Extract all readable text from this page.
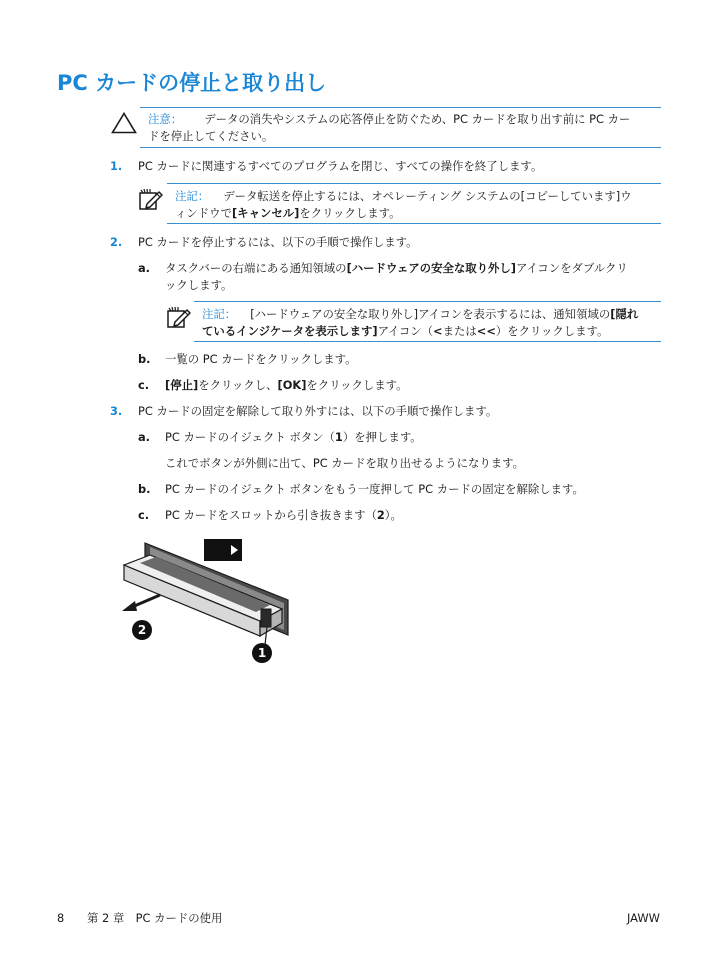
PC カードの停止と取り出し
注意： データの消失やシステムの応答停止を防ぐため、PC カードを取り出す前に PC カー
ドを停止してください。
1. PC カードに関連するすべてのプログラムを閉じ、すべての操作を終了します。
注記： データ転送を停止するには、オペレーティング システムの[コピーしています]ウ
ィンドウで[キャンセル]をクリックします。
2. PC カードを停止するには、以下の手順で操作します。
a. タスクバーの右端にある通知領域の[ハードウェアの安全な取り外し]アイコンをダブルクリ
ックします。
注記： [ハードウェアの安全な取り外し]アイコンを表示するには、通知領域の[隠れ
ているインジケータを表示します]アイコン（<または<<）をクリックします。
b. 一覧の PC カードをクリックします。
c. [停止]をクリックし、[OK]をクリックします。
3. PC カードの固定を解除して取り外すには、以下の手順で操作します。
a. PC カードのイジェクト ボタン（1）を押します。
これでボタンが外側に出て、PC カードを取り出せるようになります。
b. PC カードのイジェクト ボタンをもう一度押して PC カードの固定を解除します。
c. PC カードをスロットから引き抜きます（2）。
2
1
8 第 2 章　PC カードの使用	JAWW
